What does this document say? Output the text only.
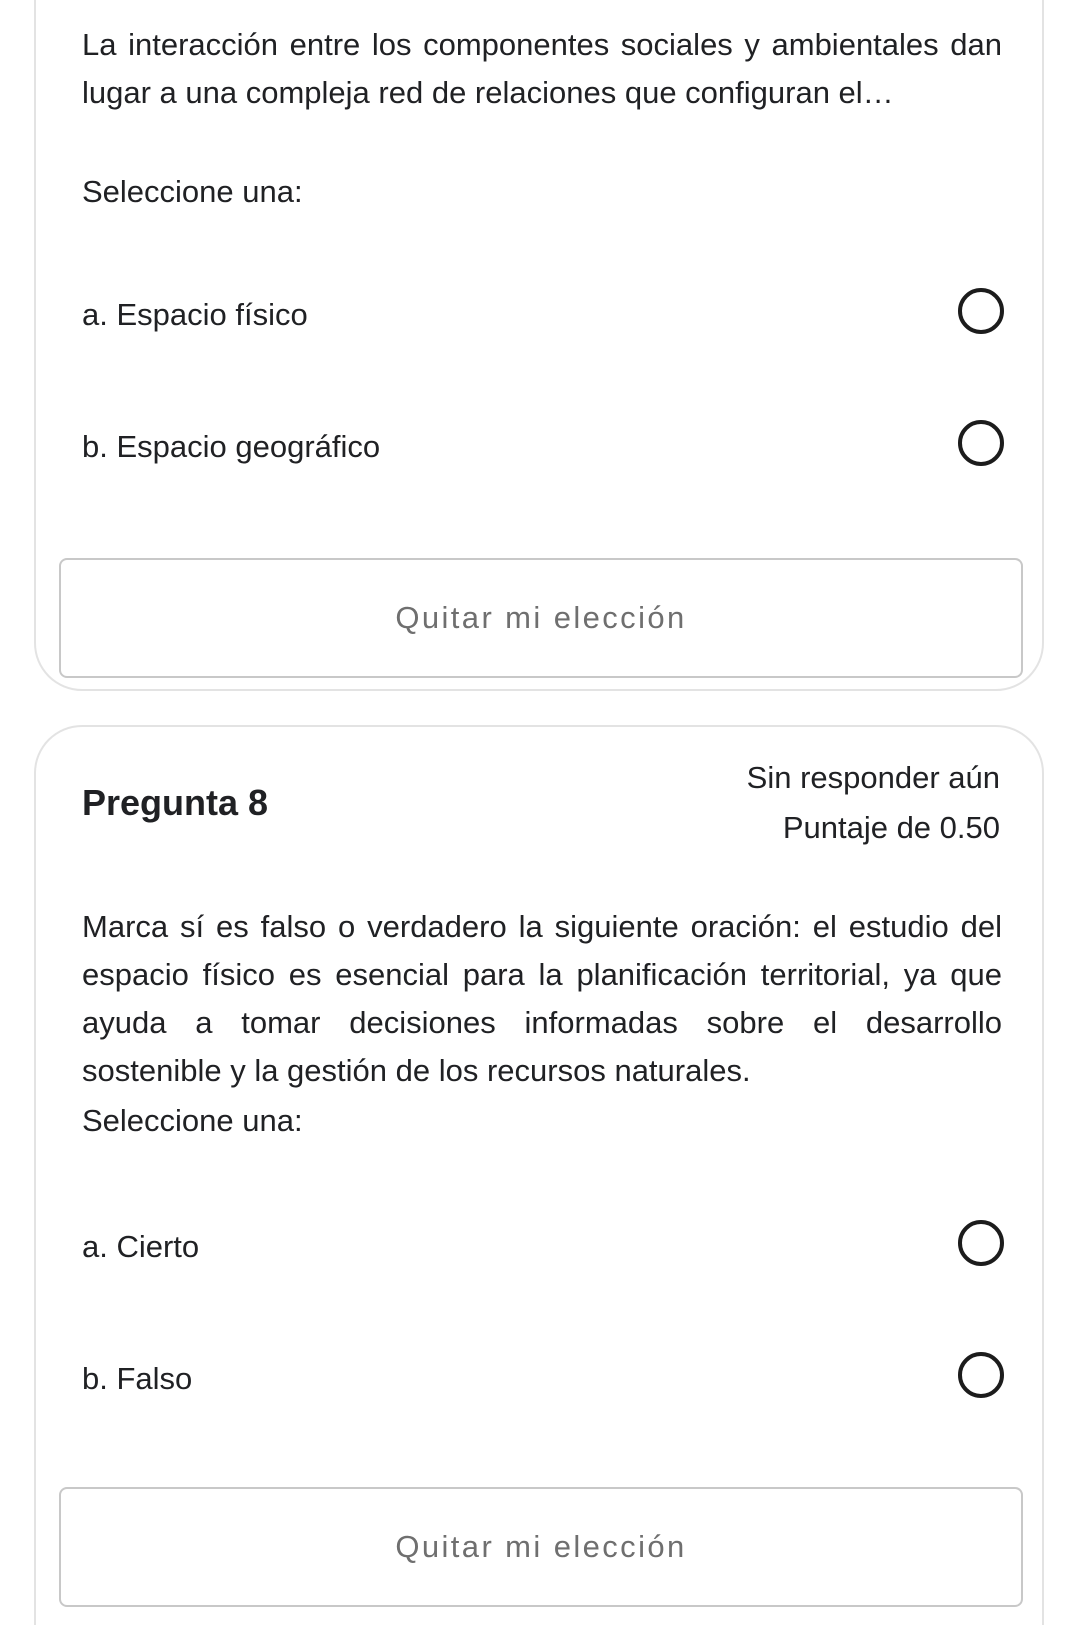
La interacción entre los componentes sociales y ambientales dan lugar a una compleja red de relaciones que configuran el…

Seleccione una:

a. Espacio físico
b. Espacio geográfico
Quitar mi elección
Pregunta 8
Sin responder aún
Puntaje de 0.50

Marca sí es falso o verdadero la siguiente oración: el estudio del espacio físico es esencial para la planificación territorial, ya que ayuda a tomar decisiones informadas sobre el desarrollo sostenible y la gestión de los recursos naturales.

Seleccione una:

a. Cierto
b. Falso
Quitar mi elección
